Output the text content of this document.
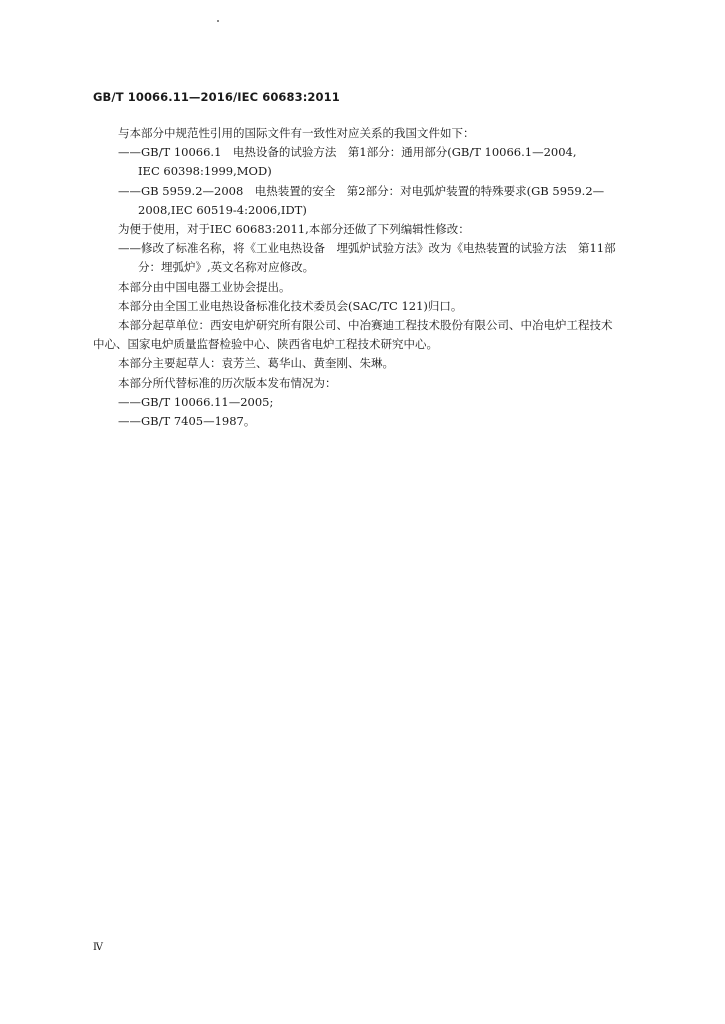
GB/T 10066.11—2016/IEC 60683:2011

与本部分中规范性引用的国际文件有一致性对应关系的我国文件如下：

——GB/T 10066.1　电热设备的试验方法　第1部分：通用部分(GB/T 10066.1—2004,

IEC 60398:1999,MOD)

——GB 5959.2—2008　电热装置的安全　第2部分：对电弧炉装置的特殊要求(GB 5959.2—

2008,IEC 60519-4:2006,IDT)

为便于使用，对于IEC 60683:2011,本部分还做了下列编辑性修改：

——修改了标准名称，将《工业电热设备　埋弧炉试验方法》改为《电热装置的试验方法　第11部

分：埋弧炉》,英文名称对应修改。

本部分由中国电器工业协会提出。

本部分由全国工业电热设备标准化技术委员会(SAC/TC 121)归口。

本部分起草单位：西安电炉研究所有限公司、中冶赛迪工程技术股份有限公司、中冶电炉工程技术

中心、国家电炉质量监督检验中心、陕西省电炉工程技术研究中心。

本部分主要起草人：袁芳兰、葛华山、黄奎刚、朱琳。

本部分所代替标准的历次版本发布情况为：

——GB/T 10066.11—2005;

——GB/T 7405—1987。

Ⅳ
